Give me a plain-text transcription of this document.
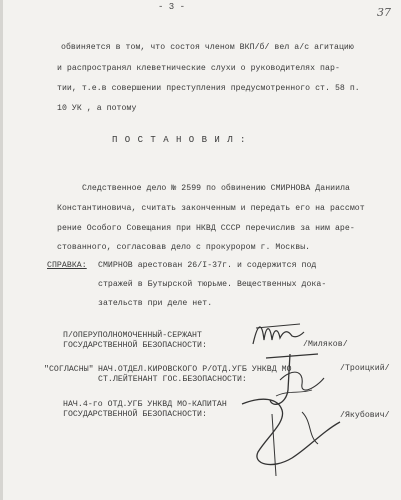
- 3 -	37
обвиняется в том, что состоя членом ВКП/б/ вел а/с агитацию
и распространял клеветнические слухи о руководителях пар-
тии, т.е.в совершении преступления предусмотренного ст. 58 п.
10 УК , а потому
П О С Т А Н О В И Л :
Следственное дело № 2599 по обвинению СМИРНОВА Даниила
Константиновича, считать законченным и передать его на рассмот
рение Особого Совещания при НКВД СССР перечислив за ним аре-
стованного, согласовав дело с прокурором г. Москвы.
СПРАВКА: СМИРНОВ арестован 26/I-37г. и содержится под
стражей в Бутырской тюрьме. Вещественных дока-
зательств при деле нет.
П/ОПЕРУПОЛНОМОЧЕННЫЙ-СЕРЖАНТ
ГОСУДАРСТВЕННОЙ БЕЗОПАСНОСТИ:	/Миляков/
"СОГЛАСНЫ" НАЧ.ОТДЕЛ.КИРОВСКОГО Р/ОТД.УГБ УНКВД МО
СТ.ЛЕЙТЕНАНТ ГОС.БЕЗОПАСНОСТИ:
/Троицкий/
НАЧ.4-го ОТД.УГБ УНКВД МО-КАПИТАН
ГОСУДАРСТВЕННОЙ БЕЗОПАСНОСТИ:	/Якубович/
